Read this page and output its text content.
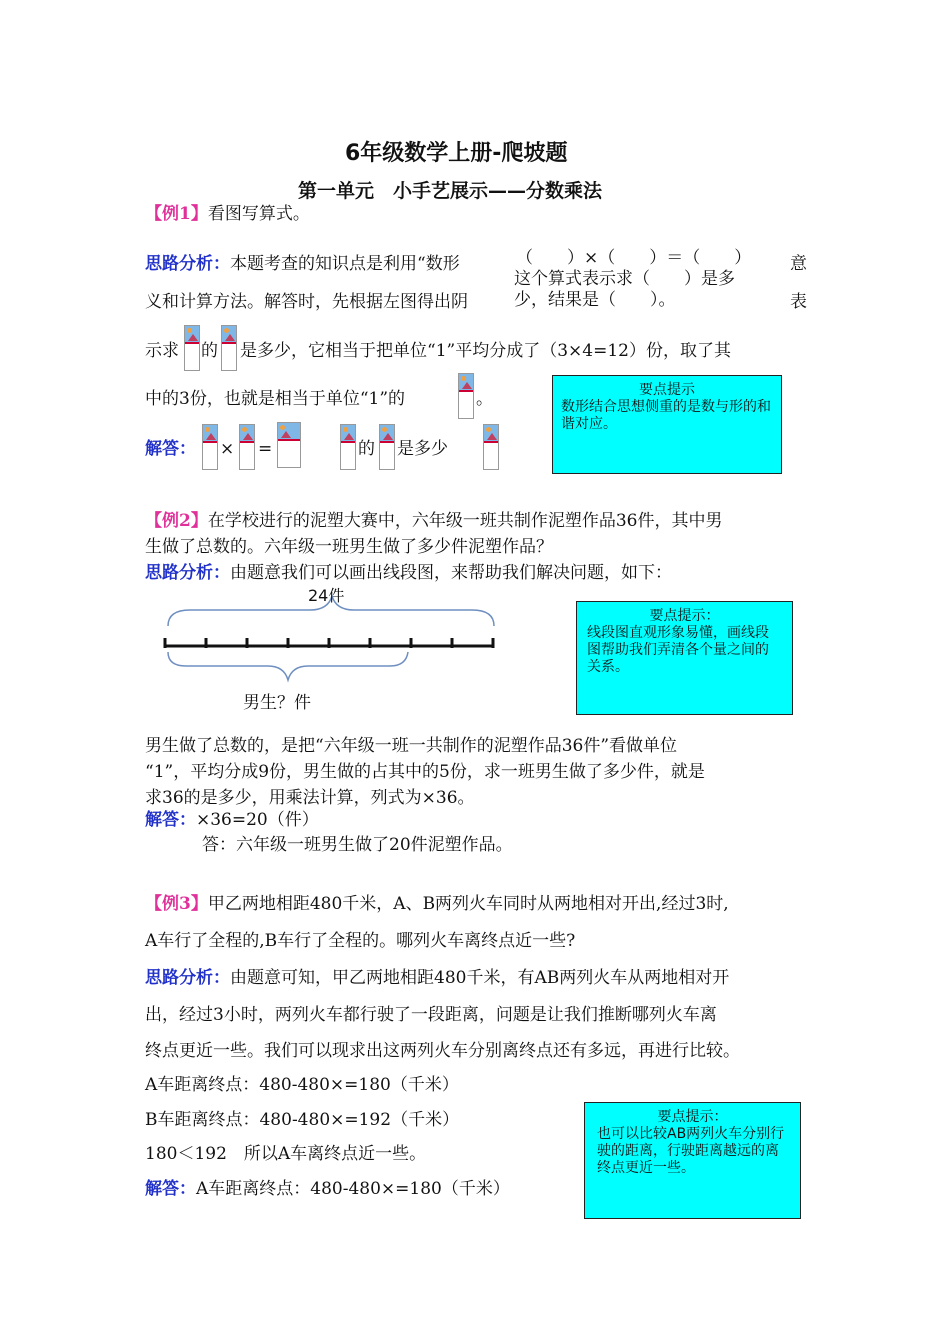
6年级数学上册-爬坡题
第一单元　小手艺展示——分数乘法
【例1】看图写算式。
思路分析：本题考查的知识点是利用“数形	意
义和计算方法。解答时，先根据左图得出阴	表
（　　）×（　　）＝（　　）
这个算式表示求（　　）是多
少，结果是（　　）。
示求 的 是多少，它相当于把单位“1”平均分成了（3×4=12）份，取了其
中的3份，也就是相当于单位“1”的	。
解答： × =	的 是多少
要点提示
数形结合思想侧重的是数与形的和谐对应。
【例2】在学校进行的泥塑大赛中，六年级一班共制作泥塑作品36件，其中男
生做了总数的。六年级一班男生做了多少件泥塑作品？
思路分析：由题意我们可以画出线段图，来帮助我们解决问题，如下：
24件
男生？件
要点提示：
线段图直观形象易懂，画线段图帮助我们弄清各个量之间的关系。
男生做了总数的，是把“六年级一班一共制作的泥塑作品36件”看做单位
“1”，平均分成9份，男生做的占其中的5份，求一班男生做了多少件，就是
求36的是多少，用乘法计算，列式为×36。
解答：×36=20（件）
答：六年级一班男生做了20件泥塑作品。
【例3】甲乙两地相距480千米，A、B两列火车同时从两地相对开出,经过3时,
A车行了全程的,B车行了全程的。哪列火车离终点近一些?
思路分析：由题意可知，甲乙两地相距480千米，有AB两列火车从两地相对开
出，经过3小时，两列火车都行驶了一段距离，问题是让我们推断哪列火车离
终点更近一些。我们可以现求出这两列火车分别离终点还有多远，再进行比较。
A车距离终点：480-480×=180（千米）
B车距离终点：480-480×=192（千米）
180＜192　所以A车离终点近一些。
解答：A车距离终点：480-480×=180（千米）
要点提示：
也可以比较AB两列火车分别行驶的距离，行驶距离越远的离终点更近一些。
